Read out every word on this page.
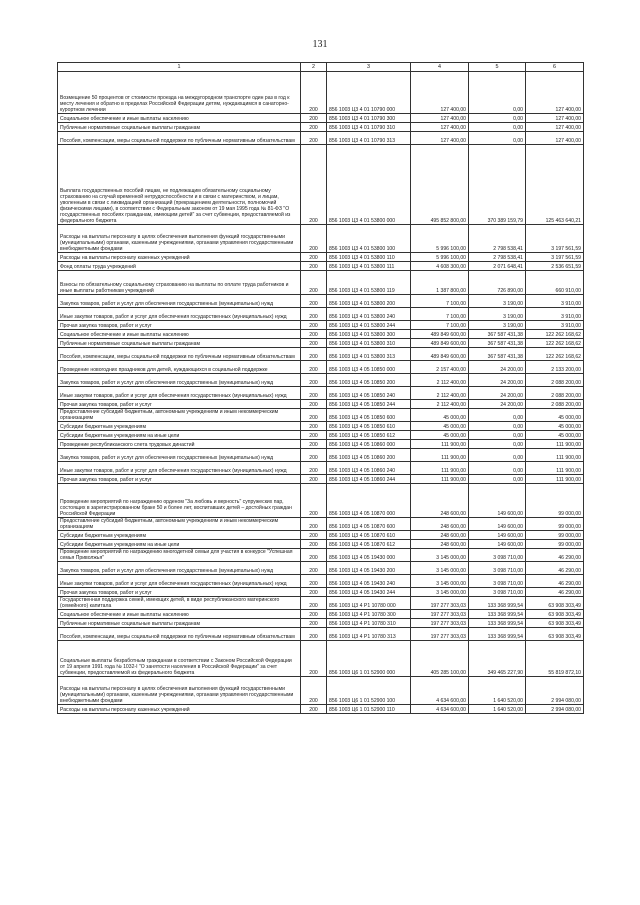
131
1	2	3	4	5	6
Возмещение 50 процентов от стоимости проезда на междугородном транспорте один раз в год к месту лечения и обратно в пределах Российской Федерации детям, нуждающимся в санаторно-курортном лечении	200	856 1003 Ц3 4 01 10790 000	127 400,00	0,00	127 400,00
Социальное обеспечение и иные выплаты населению	200	856 1003 Ц3 4 01 10790 300	127 400,00	0,00	127 400,00
Публичные нормативные социальные выплаты гражданам	200	856 1003 Ц3 4 01 10790 310	127 400,00	0,00	127 400,00
Пособия, компенсации, меры социальной поддержки по публичным нормативным обязательствам	200	856 1003 Ц3 4 01 10790 313	127 400,00	0,00	127 400,00
Выплата государственных пособий лицам, не подлежащим обязательному социальному страхованию на случай временной нетрудоспособности и в связи с материнством, и лицам, уволенным в связи с ликвидацией организаций (прекращением деятельности, полномочий физическими лицами), в соответствии с Федеральным законом от 19 мая 1995 года № 81-ФЗ "О государственных пособиях гражданам, имеющим детей" за счет субвенции, предоставляемой из федерального бюджета	200	856 1003 Ц3 4 01 53800 000	495 852 800,00	370 389 159,79	125 463 640,21
Расходы на выплаты персоналу в целях обеспечения выполнения функций государственными (муниципальными) органами, казенными учреждениями, органами управления государственными внебюджетными фондами	200	856 1003 Ц3 4 01 53800 100	5 996 100,00	2 798 538,41	3 197 561,59
Расходы на выплаты персоналу казенных учреждений	200	856 1003 Ц3 4 01 53800 110	5 996 100,00	2 798 538,41	3 197 561,59
Фонд оплаты труда учреждений	200	856 1003 Ц3 4 01 53800 111	4 608 300,00	2 071 648,41	2 536 651,59
Взносы по обязательному социальному страхованию на выплаты по оплате труда работников и иные выплаты работникам учреждений	200	856 1003 Ц3 4 01 53800 119	1 387 800,00	726 890,00	660 910,00
Закупка товаров, работ и услуг для обеспечения государственных (муниципальных) нужд	200	856 1003 Ц3 4 01 53800 200	7 100,00	3 190,00	3 910,00
Иные закупки товаров, работ и услуг для обеспечения государственных (муниципальных) нужд	200	856 1003 Ц3 4 01 53800 240	7 100,00	3 190,00	3 910,00
Прочая закупка товаров, работ и услуг	200	856 1003 Ц3 4 01 53800 244	7 100,00	3 190,00	3 910,00
Социальное обеспечение и иные выплаты населению	200	856 1003 Ц3 4 01 53800 300	489 849 600,00	367 587 431,38	122 262 168,62
Публичные нормативные социальные выплаты гражданам	200	856 1003 Ц3 4 01 53800 310	489 849 600,00	367 587 431,38	122 262 168,62
Пособия, компенсации, меры социальной поддержки по публичным нормативным обязательствам	200	856 1003 Ц3 4 01 53800 313	489 849 600,00	367 587 431,38	122 262 168,62
Проведение новогодних праздников для детей, нуждающихся в социальной поддержке	200	856 1003 Ц3 4 05 10850 000	2 157 400,00	24 200,00	2 133 200,00
Закупка товаров, работ и услуг для обеспечения государственных (муниципальных) нужд	200	856 1003 Ц3 4 05 10850 200	2 112 400,00	24 200,00	2 088 200,00
Иные закупки товаров, работ и услуг для обеспечения государственных (муниципальных) нужд	200	856 1003 Ц3 4 05 10850 240	2 112 400,00	24 200,00	2 088 200,00
Прочая закупка товаров, работ и услуг	200	856 1003 Ц3 4 05 10850 244	2 112 400,00	24 200,00	2 088 200,00
Предоставление субсидий бюджетным, автономным учреждениям и иным некоммерческим организациям	200	856 1003 Ц3 4 05 10850 600	45 000,00	0,00	45 000,00
Субсидии бюджетным учреждениям	200	856 1003 Ц3 4 05 10850 610	45 000,00	0,00	45 000,00
Субсидии бюджетным учреждениям на иные цели	200	856 1003 Ц3 4 05 10850 612	45 000,00	0,00	45 000,00
Проведение республиканского слета трудовых династий	200	856 1003 Ц3 4 05 10860 000	111 900,00	0,00	111 900,00
Закупка товаров, работ и услуг для обеспечения государственных (муниципальных) нужд	200	856 1003 Ц3 4 05 10860 200	111 900,00	0,00	111 900,00
Иные закупки товаров, работ и услуг для обеспечения государственных (муниципальных) нужд	200	856 1003 Ц3 4 05 10860 240	111 900,00	0,00	111 900,00
Прочая закупка товаров, работ и услуг	200	856 1003 Ц3 4 05 10860 244	111 900,00	0,00	111 900,00
Проведение мероприятий по награждению орденом "За любовь и верность" супружеских пар, состоящих в зарегистрированном браке 50 и более лет, воспитавших детей – достойных граждан Российской Федерации	200	856 1003 Ц3 4 05 10870 000	248 600,00	149 600,00	99 000,00
Предоставление субсидий бюджетным, автономным учреждениям и иным некоммерческим организациям	200	856 1003 Ц3 4 05 10870 600	248 600,00	149 600,00	99 000,00
Субсидии бюджетным учреждениям	200	856 1003 Ц3 4 05 10870 610	248 600,00	149 600,00	99 000,00
Субсидии бюджетным учреждениям на иные цели	200	856 1003 Ц3 4 05 10870 612	248 600,00	149 600,00	99 000,00
Проведение мероприятий по награждению многодетной семьи для участия в конкурсе "Успешная семья Приволжья"	200	856 1003 Ц3 4 05 19430 000	3 145 000,00	3 098 710,00	46 290,00
Закупка товаров, работ и услуг для обеспечения государственных (муниципальных) нужд	200	856 1003 Ц3 4 05 19430 200	3 145 000,00	3 098 710,00	46 290,00
Иные закупки товаров, работ и услуг для обеспечения государственных (муниципальных) нужд	200	856 1003 Ц3 4 05 19430 240	3 145 000,00	3 098 710,00	46 290,00
Прочая закупка товаров, работ и услуг	200	856 1003 Ц3 4 05 19430 244	3 145 000,00	3 098 710,00	46 290,00
Государственная поддержка семей, имеющих детей, в виде республиканского материнского (семейного) капитала	200	856 1003 Ц3 4 Р1 10780 000	197 277 303,03	133 368 999,54	63 908 303,49
Социальное обеспечение и иные выплаты населению	200	856 1003 Ц3 4 Р1 10780 300	197 277 303,03	133 368 999,54	63 908 303,49
Публичные нормативные социальные выплаты гражданам	200	856 1003 Ц3 4 Р1 10780 310	197 277 303,03	133 368 999,54	63 908 303,49
Пособия, компенсации, меры социальной поддержки по публичным нормативным обязательствам	200	856 1003 Ц3 4 Р1 10780 313	197 277 303,03	133 368 999,54	63 908 303,49
Социальные выплаты безработным гражданам в соответствии с Законом Российской Федерации от 19 апреля 1991 года № 1032-I "О занятости населения в Российской Федерации" за счет субвенции, предоставляемой из федерального бюджета	200	856 1003 Ц6 1 01 52900 000	405 285 100,00	349 465 227,90	55 819 872,10
Расходы на выплаты персоналу в целях обеспечения выполнения функций государственными (муниципальными) органами, казенными учреждениями, органами управления государственными внебюджетными фондами	200	856 1003 Ц6 1 01 52900 100	4 634 600,00	1 640 520,00	2 994 080,00
Расходы на выплаты персоналу казенных учреждений	200	856 1003 Ц6 1 01 52900 110	4 634 600,00	1 640 520,00	2 994 080,00
